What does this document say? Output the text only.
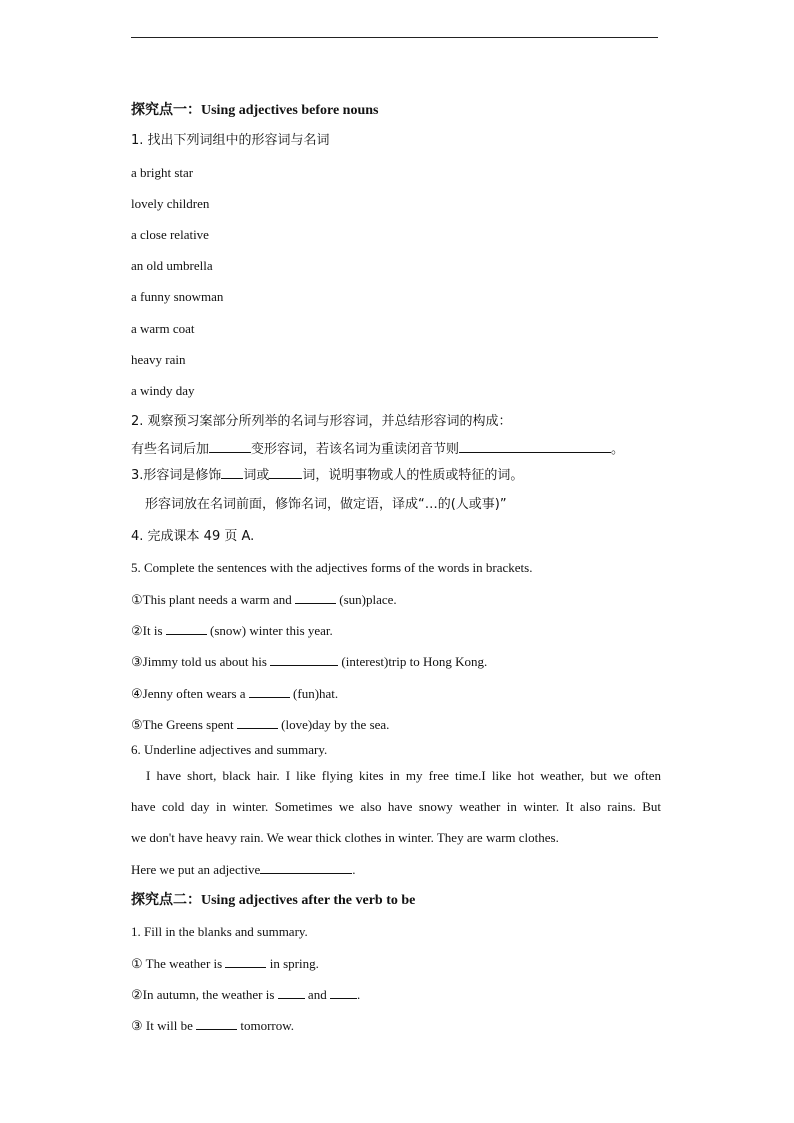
探究点一：Using adjectives before nouns
1. 找出下列词组中的形容词与名词
a bright star
lovely children
a close relative
an old umbrella
a funny snowman
a warm coat
heavy rain
a windy day
2. 观察预习案部分所列举的名词与形容词，并总结形容词的构成：
有些名词后加	变形容词，若该名词为重读闭音节则	。
3.形容词是修饰 词或	词，说明事物或人的性质或特征的词。
形容词放在名词前面，修饰名词，做定语，译成“…的(人或事)”
4. 完成课本 49 页 A.
5. Complete the sentences with the adjectives forms of the words in brackets.
①This plant needs a warm and	(sun)place.
②It is	(snow) winter this year.
③Jimmy told us about his	(interest)trip to Hong Kong.
④Jenny often wears a	(fun)hat.
⑤The Greens spent	(love)day by the sea.
6. Underline adjectives and summary.
I have short, black hair. I like flying kites in my free time.I like hot weather, but we often
have cold day in winter. Sometimes we also have snowy weather in winter. It also rains. But
we don't have heavy rain. We wear thick clothes in winter. They are warm clothes.
Here we put an adjective	.
探究点二：Using adjectives after the verb to be
1. Fill in the blanks and summary.
① The weather is	in spring.
②In autumn, the weather is  and .
③ It will be	tomorrow.
